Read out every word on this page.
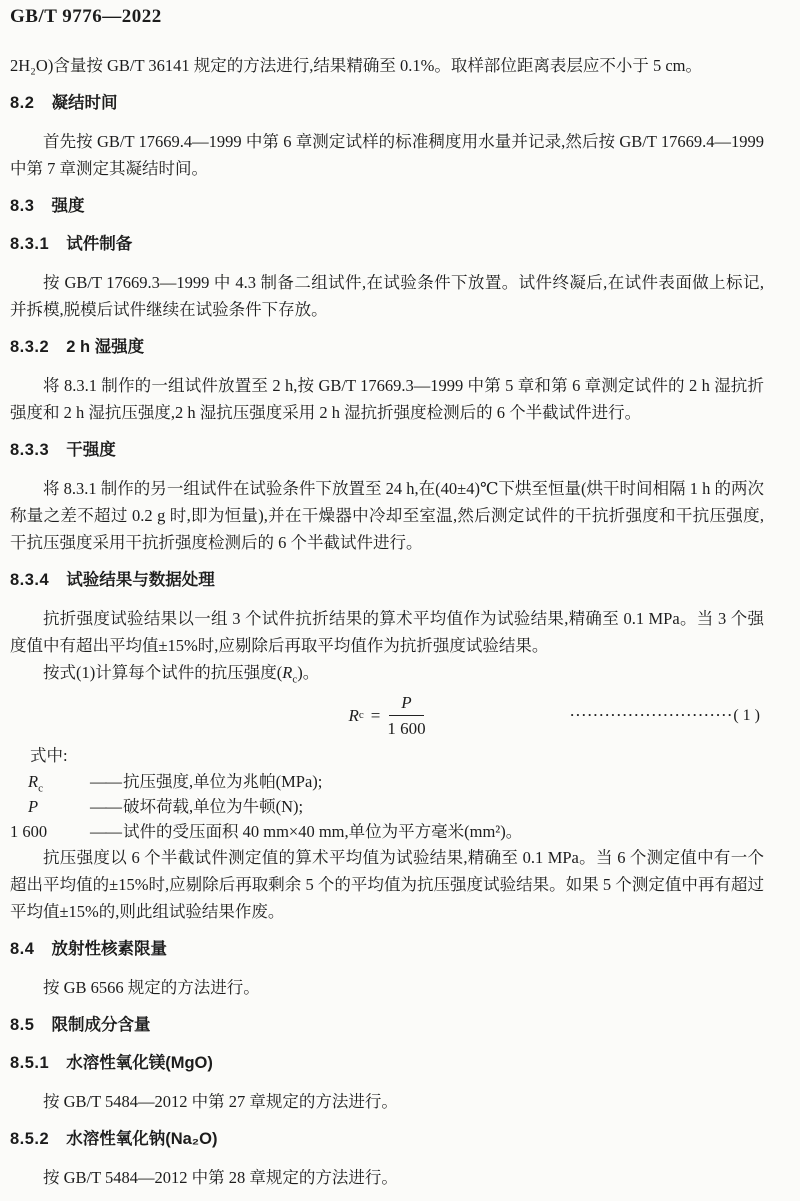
GB/T 9776—2022

2H₂O)含量按 GB/T 36141 规定的方法进行,结果精确至 0.1%。取样部位距离表层应不小于 5 cm。

8.2 凝结时间

首先按 GB/T 17669.4—1999 中第 6 章测定试样的标准稠度用水量并记录,然后按 GB/T 17669.4—1999 中第 7 章测定其凝结时间。

8.3 强度
8.3.1 试件制备

按 GB/T 17669.3—1999 中 4.3 制备二组试件,在试验条件下放置。试件终凝后,在试件表面做上标记,并拆模,脱模后试件继续在试验条件下存放。

8.3.2 2 h 湿强度

将 8.3.1 制作的一组试件放置至 2 h,按 GB/T 17669.3—1999 中第 5 章和第 6 章测定试件的 2 h 湿抗折强度和 2 h 湿抗压强度,2 h 湿抗压强度采用 2 h 湿抗折强度检测后的 6 个半截试件进行。

8.3.3 干强度

将 8.3.1 制作的另一组试件在试验条件下放置至 24 h,在(40±4)℃下烘至恒量(烘干时间相隔 1 h 的两次称量之差不超过 0.2 g 时,即为恒量),并在干燥器中冷却至室温,然后测定试件的干抗折强度和干抗压强度,干抗压强度采用干抗折强度检测后的 6 个半截试件进行。

8.3.4 试验结果与数据处理

抗折强度试验结果以一组 3 个试件抗折结果的算术平均值作为试验结果,精确至 0.1 MPa。当 3 个强度值中有超出平均值±15%时,应剔除后再取平均值作为抗折强度试验结果。

按式(1)计算每个试件的抗压强度$(R_c)$。

R $c = \frac{P}{1 600}$	····························( 1 )

式中:

$R_c$	—— 抗压强度,单位为兆帕(MPa);
P	—— 破坏荷载,单位为牛顿(N);
1 600	—— 试件的受压面积 40 mm×40 mm,单位为平方毫米(mm²)。

抗压强度以 6 个半截试件测定值的算术平均值为试验结果,精确至 0.1 MPa。当 6 个测定值中有一个超出平均值的±15%时,应剔除后再取剩余 5 个的平均值为抗压强度试验结果。如果 5 个测定值中再有超过平均值±15%的,则此组试验结果作废。

8.4 放射性核素限量

按 GB 6566 规定的方法进行。

8.5 限制成分含量
8.5.1 水溶性氧化镁(MgO)

按 GB/T 5484—2012 中第 27 章规定的方法进行。

8.5.2 水溶性氧化钠(Na₂O)

按 GB/T 5484—2012 中第 28 章规定的方法进行。
